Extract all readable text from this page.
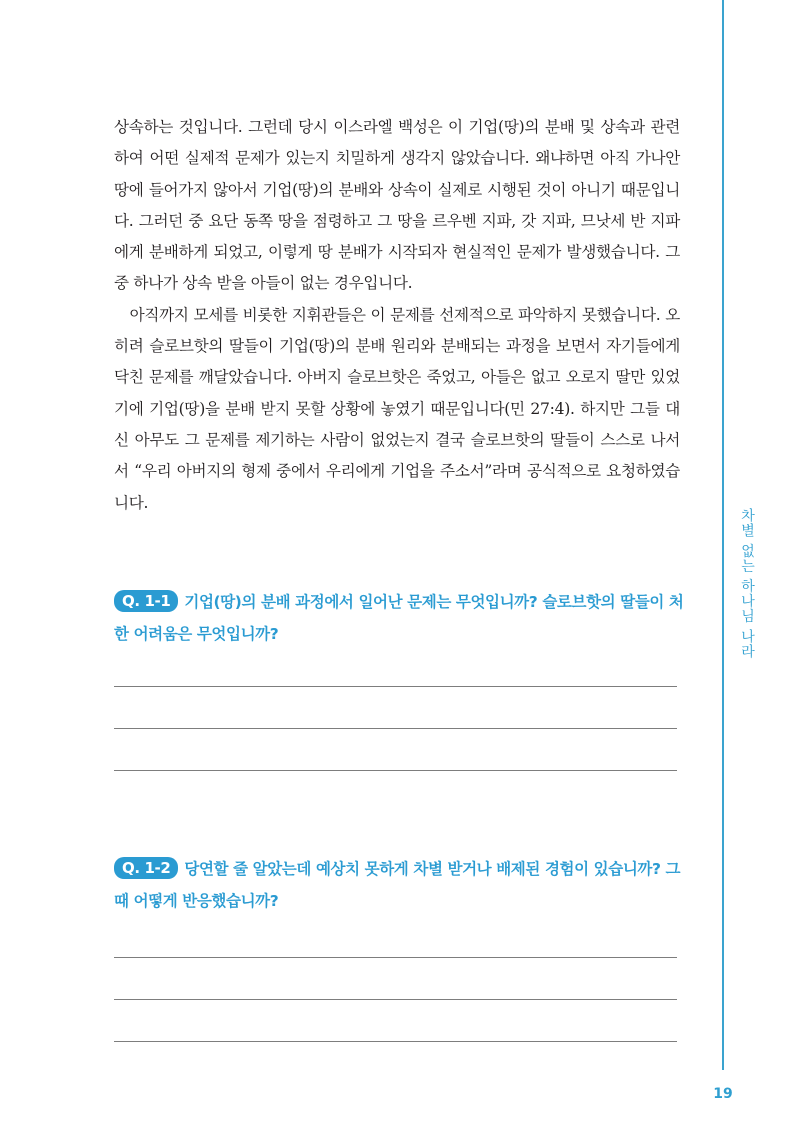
차별 없는 하나님 나라
19

상속하는 것입니다. 그런데 당시 이스라엘 백성은 이 기업(땅)의 분배 및 상속과 관련하여 어떤 실제적 문제가 있는지 치밀하게 생각지 않았습니다. 왜냐하면 아직 가나안 땅에 들어가지 않아서 기업(땅)의 분배와 상속이 실제로 시행된 것이 아니기 때문입니다. 그러던 중 요단 동쪽 땅을 점령하고 그 땅을 르우벤 지파, 갓 지파, 므낫세 반 지파에게 분배하게 되었고, 이렇게 땅 분배가 시작되자 현실적인 문제가 발생했습니다. 그 중 하나가 상속 받을 아들이 없는 경우입니다.

아직까지 모세를 비롯한 지휘관들은 이 문제를 선제적으로 파악하지 못했습니다. 오히려 슬로브핫의 딸들이 기업(땅)의 분배 원리와 분배되는 과정을 보면서 자기들에게 닥친 문제를 깨달았습니다. 아버지 슬로브핫은 죽었고, 아들은 없고 오로지 딸만 있었기에 기업(땅)을 분배 받지 못할 상황에 놓였기 때문입니다(민 27:4). 하지만 그들 대신 아무도 그 문제를 제기하는 사람이 없었는지 결국 슬로브핫의 딸들이 스스로 나서서 “우리 아버지의 형제 중에서 우리에게 기업을 주소서”라며 공식적으로 요청하였습니다.

Q. 1-1 기업(땅)의 분배 과정에서 일어난 문제는 무엇입니까? 슬로브핫의 딸들이 처한 어려움은 무엇입니까?
Q. 1-2 당연할 줄 알았는데 예상치 못하게 차별 받거나 배제된 경험이 있습니까? 그때 어떻게 반응했습니까?
